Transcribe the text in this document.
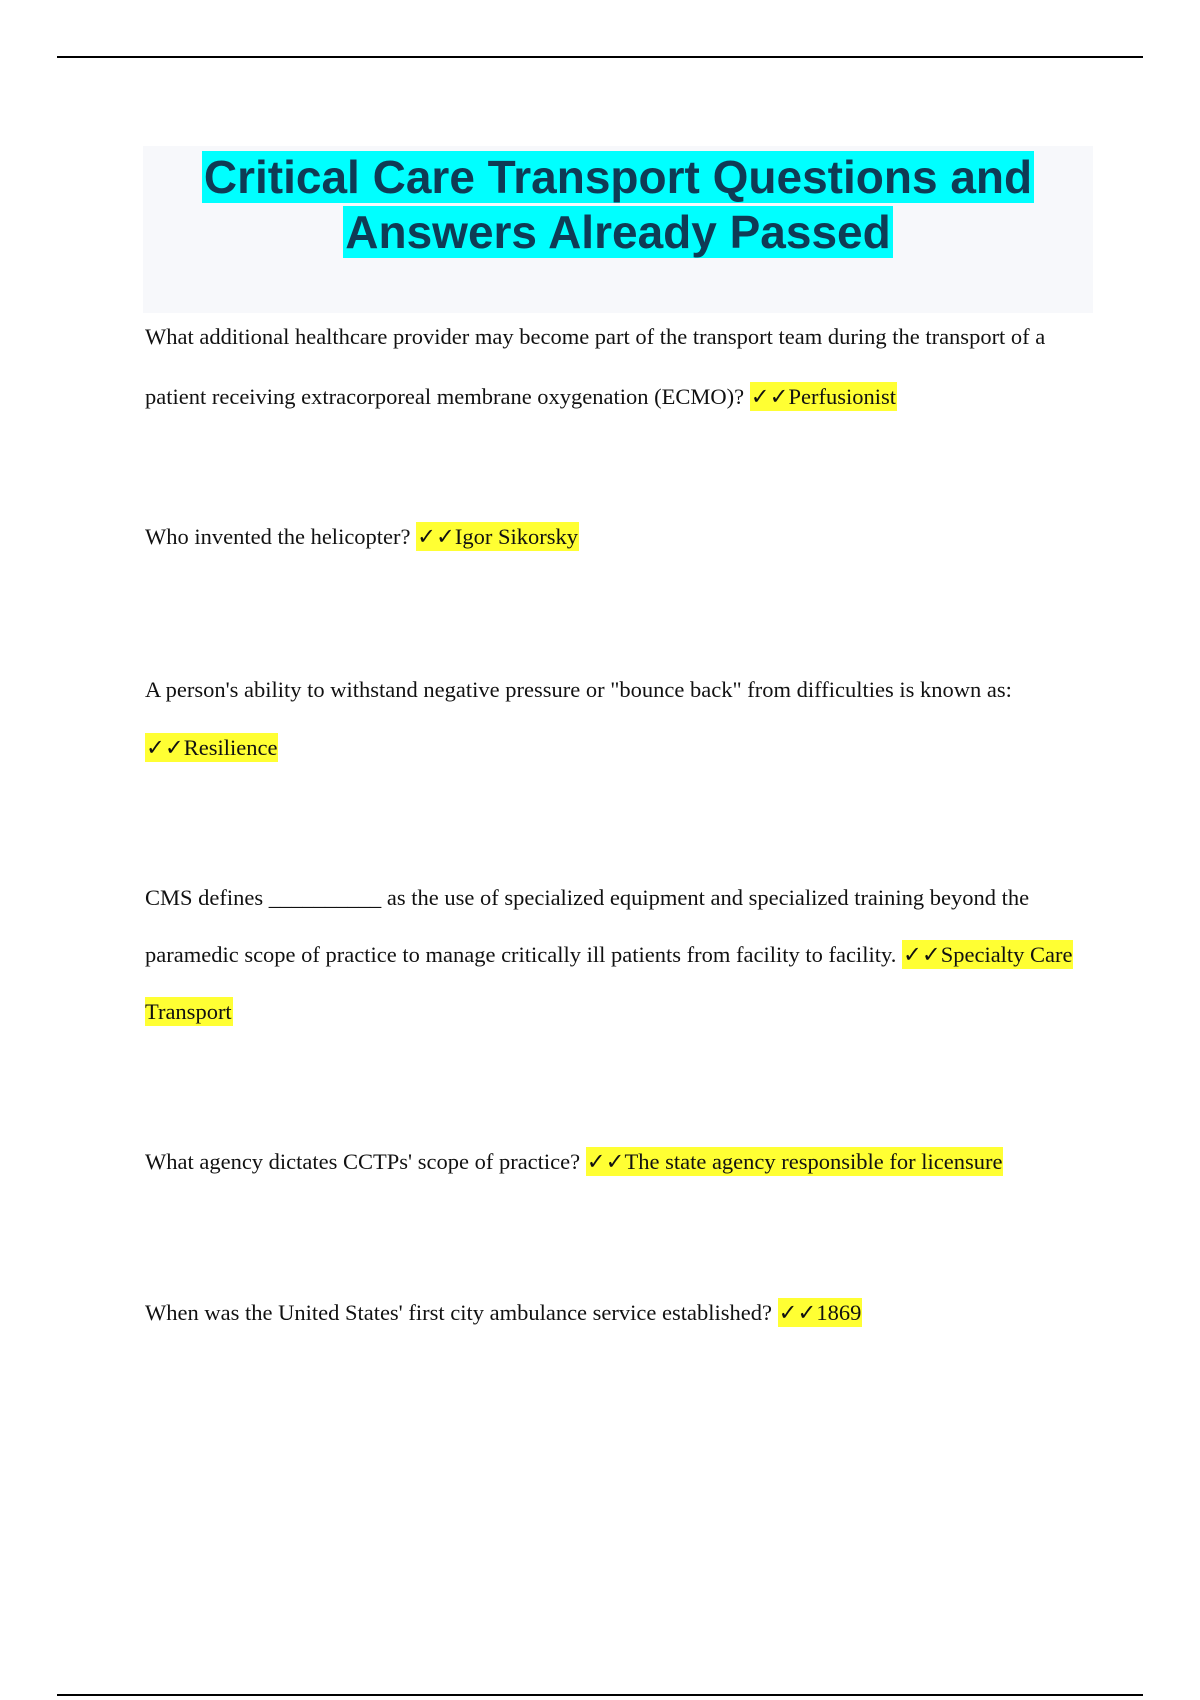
Critical Care Transport Questions and
Answers Already Passed

What additional healthcare provider may become part of the transport team during the transport of a patient receiving extracorporeal membrane oxygenation (ECMO)? ✓✓Perfusionist

Who invented the helicopter? ✓✓Igor Sikorsky

A person's ability to withstand negative pressure or "bounce back" from difficulties is known as: ✓✓Resilience

CMS defines __________ as the use of specialized equipment and specialized training beyond the paramedic scope of practice to manage critically ill patients from facility to facility. ✓✓Specialty Care Transport

What agency dictates CCTPs' scope of practice? ✓✓The state agency responsible for licensure

When was the United States' first city ambulance service established? ✓✓1869
